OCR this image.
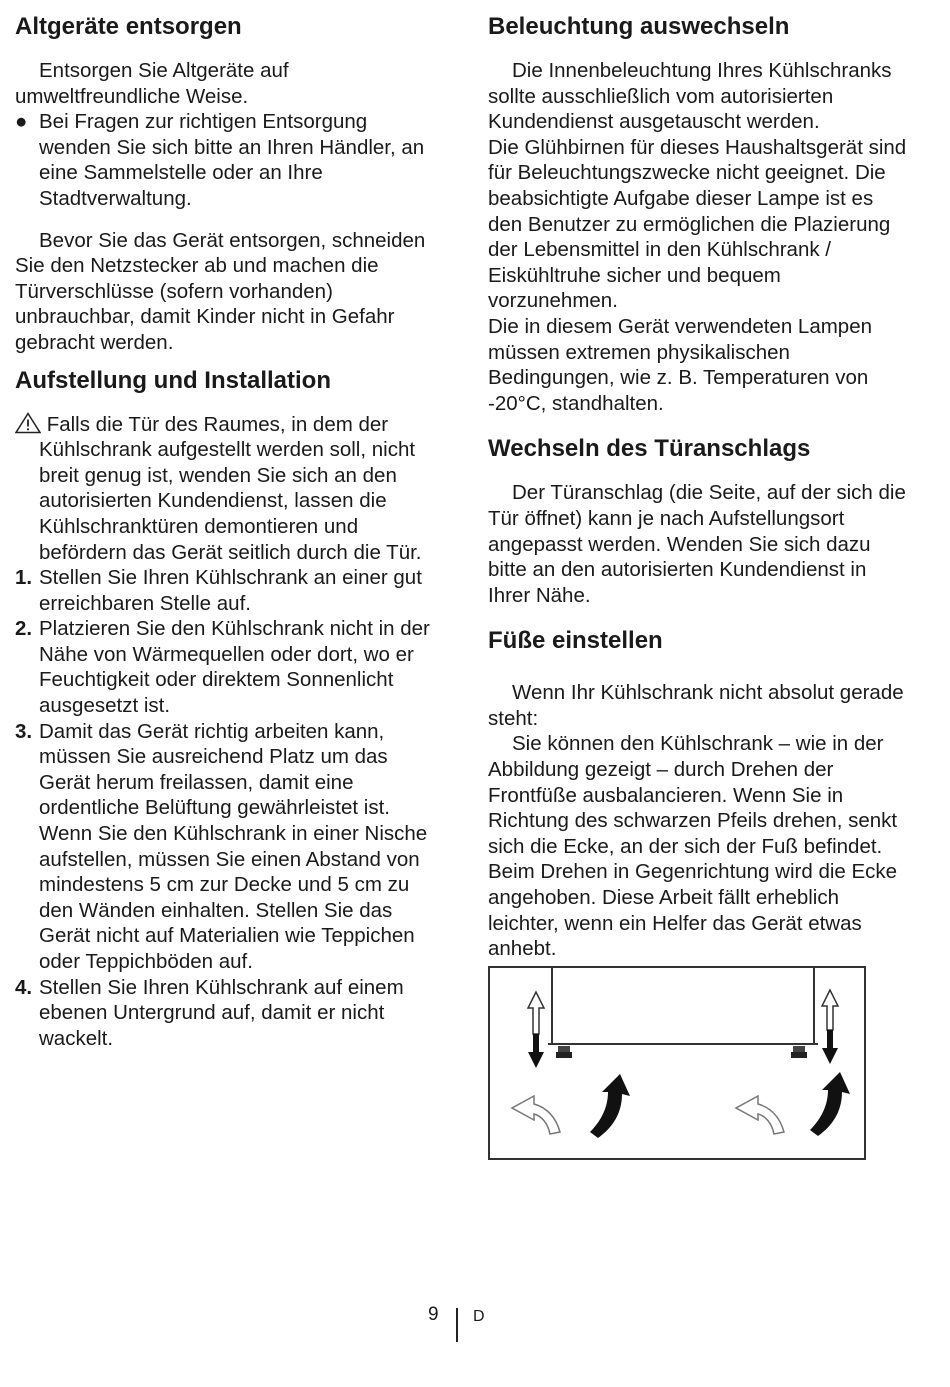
Altgeräte entsorgen

Entsorgen Sie Altgeräte auf umweltfreundliche Weise.

● Bei Fragen zur richtigen Entsorgung wenden Sie sich bitte an Ihren Händler, an eine Sammelstelle oder an Ihre Stadtverwaltung.

Bevor Sie das Gerät entsorgen, schneiden Sie den Netzstecker ab und machen die Türverschlüsse (sofern vorhanden) unbrauchbar, damit Kinder nicht in Gefahr gebracht werden.

Aufstellung und Installation

Falls die Tür des Raumes, in dem der Kühlschrank aufgestellt werden soll, nicht breit genug ist, wenden Sie sich an den autorisierten Kundendienst, lassen die Kühlschranktüren demontieren und befördern das Gerät seitlich durch die Tür.

1. Stellen Sie Ihren Kühlschrank an einer gut erreichbaren Stelle auf.
2. Platzieren Sie den Kühlschrank nicht in der Nähe von Wärmequellen oder dort, wo er Feuchtigkeit oder direktem Sonnenlicht ausgesetzt ist.
3. Damit das Gerät richtig arbeiten kann, müssen Sie ausreichend Platz um das Gerät herum freilassen, damit eine ordentliche Belüftung gewährleistet ist. Wenn Sie den Kühlschrank in einer Nische aufstellen, müssen Sie einen Abstand von mindestens 5 cm zur Decke und 5 cm zu den Wänden einhalten. Stellen Sie das Gerät nicht auf Materialien wie Teppichen oder Teppichböden auf.
4. Stellen Sie Ihren Kühlschrank auf einem ebenen Untergrund auf, damit er nicht wackelt.
Beleuchtung auswechseln

Die Innenbeleuchtung Ihres Kühlschranks sollte ausschließlich vom autorisierten Kundendienst ausgetauscht werden.

Die Glühbirnen für dieses Haushaltsgerät sind für Beleuchtungszwecke nicht geeignet. Die beabsichtigte Aufgabe dieser Lampe ist es den Benutzer zu ermöglichen die Plazierung der Lebensmittel in den Kühlschrank / Eiskühltruhe sicher und bequem vorzunehmen.

Die in diesem Gerät verwendeten Lampen müssen extremen physikalischen Bedingungen, wie z. B. Temperaturen von -20°C, standhalten.

Wechseln des Türanschlags

Der Türanschlag (die Seite, auf der sich die Tür öffnet) kann je nach Aufstellungsort angepasst werden. Wenden Sie sich dazu bitte an den autorisierten Kundendienst in Ihrer Nähe.

Füße einstellen

Wenn Ihr Kühlschrank nicht absolut gerade steht:

Sie können den Kühlschrank – wie in der Abbildung gezeigt – durch Drehen der Frontfüße ausbalancieren. Wenn Sie in Richtung des schwarzen Pfeils drehen, senkt sich die Ecke, an der sich der Fuß befindet. Beim Drehen in Gegenrichtung wird die Ecke angehoben. Diese Arbeit fällt erheblich leichter, wenn ein Helfer das Gerät etwas anhebt.

9 D
